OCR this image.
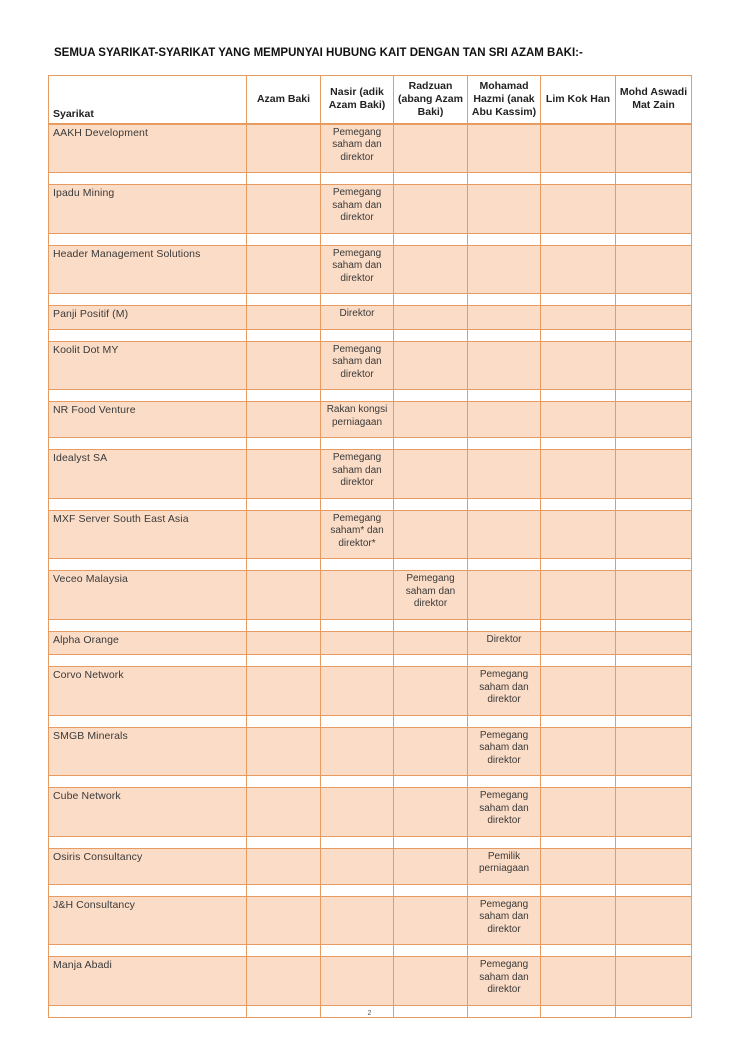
SEMUA SYARIKAT-SYARIKAT YANG MEMPUNYAI HUBUNG KAIT DENGAN TAN SRI AZAM BAKI:-
Syarikat	Azam Baki	Nasir (adik Azam Baki)	Radzuan (abang Azam Baki)	Mohamad Hazmi (anak Abu Kassim)	Lim Kok Han	Mohd Aswadi Mat Zain
AAKH Development		Pemegang saham dan direktor				

Ipadu Mining		Pemegang saham dan direktor				

Header Management Solutions		Pemegang saham dan direktor				

Panji Positif (M)		Direktor				

Koolit Dot MY		Pemegang saham dan direktor				

NR Food Venture		Rakan kongsi perniagaan				

Idealyst SA		Pemegang saham dan direktor				

MXF Server South East Asia		Pemegang saham* dan direktor*				

Veceo Malaysia			Pemegang saham dan direktor			

Alpha Orange				Direktor		

Corvo Network				Pemegang saham dan direktor		

SMGB Minerals				Pemegang saham dan direktor		

Cube Network				Pemegang saham dan direktor		

Osiris Consultancy				Pemilik perniagaan		

J&H Consultancy				Pemegang saham dan direktor		

Manja Abadi				Pemegang saham dan direktor		

2
